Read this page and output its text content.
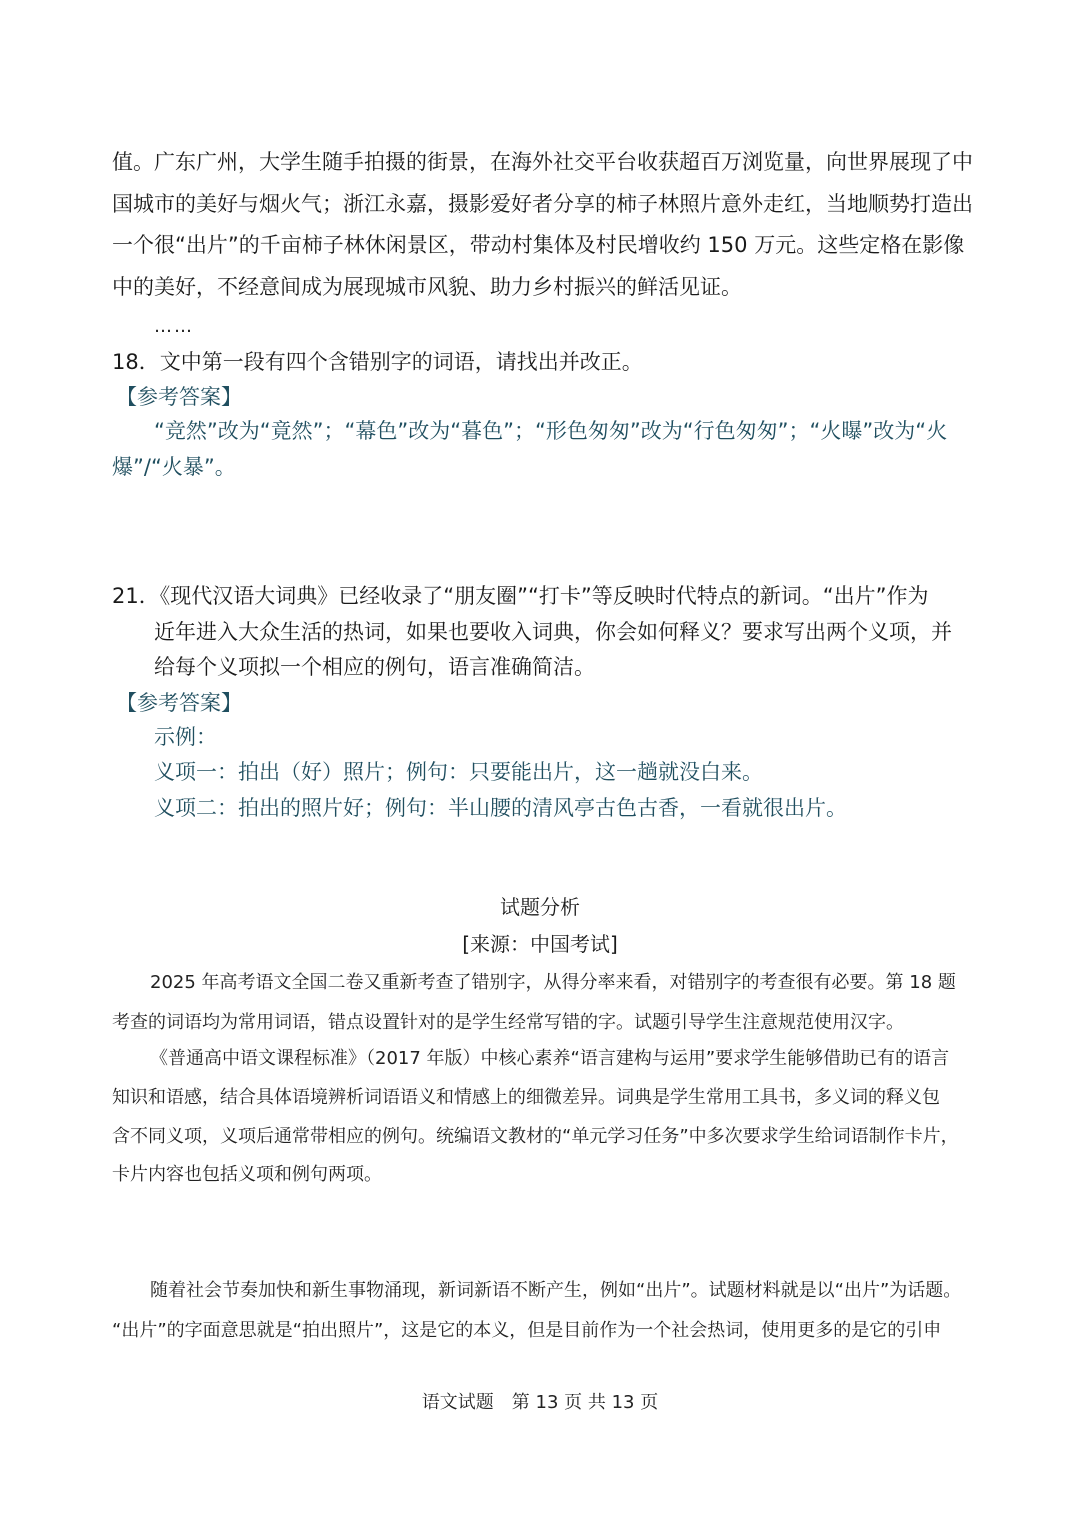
值。广东广州，大学生随手拍摄的街景，在海外社交平台收获超百万浏览量，向世界展现了中
国城市的美好与烟火气；浙江永嘉，摄影爱好者分享的柿子林照片意外走红，当地顺势打造出
一个很“出片”的千亩柿子林休闲景区，带动村集体及村民增收约 150 万元。这些定格在影像
中的美好，不经意间成为展现城市风貌、助力乡村振兴的鲜活见证。
……
18．文中第一段有四个含错别字的词语，请找出并改正。
【参考答案】
“竞然”改为“竟然”；“幕色”改为“暮色”；“形色匆匆”改为“行色匆匆”；“火曝”改为“火
爆”/“火暴”。
21．《现代汉语大词典》已经收录了“朋友圈”“打卡”等反映时代特点的新词。“出片”作为
近年进入大众生活的热词，如果也要收入词典，你会如何释义？要求写出两个义项，并
给每个义项拟一个相应的例句，语言准确简洁。
【参考答案】
示例：
义项一：拍出（好）照片；例句：只要能出片，这一趟就没白来。
义项二：拍出的照片好；例句：半山腰的清风亭古色古香，一看就很出片。
试题分析
[来源：中国考试]
2025 年高考语文全国二卷又重新考查了错别字，从得分率来看，对错别字的考查很有必要。第 18 题
考查的词语均为常用词语，错点设置针对的是学生经常写错的字。试题引导学生注意规范使用汉字。
《普通高中语文课程标准》（2017 年版）中核心素养“语言建构与运用”要求学生能够借助已有的语言
知识和语感，结合具体语境辨析词语语义和情感上的细微差异。词典是学生常用工具书，多义词的释义包
含不同义项，义项后通常带相应的例句。统编语文教材的“单元学习任务”中多次要求学生给词语制作卡片，
卡片内容也包括义项和例句两项。
随着社会节奏加快和新生事物涌现，新词新语不断产生，例如“出片”。试题材料就是以“出片”为话题。
“出片”的字面意思就是“拍出照片”，这是它的本义，但是目前作为一个社会热词，使用更多的是它的引申
语文试题　第 13 页 共 13 页
